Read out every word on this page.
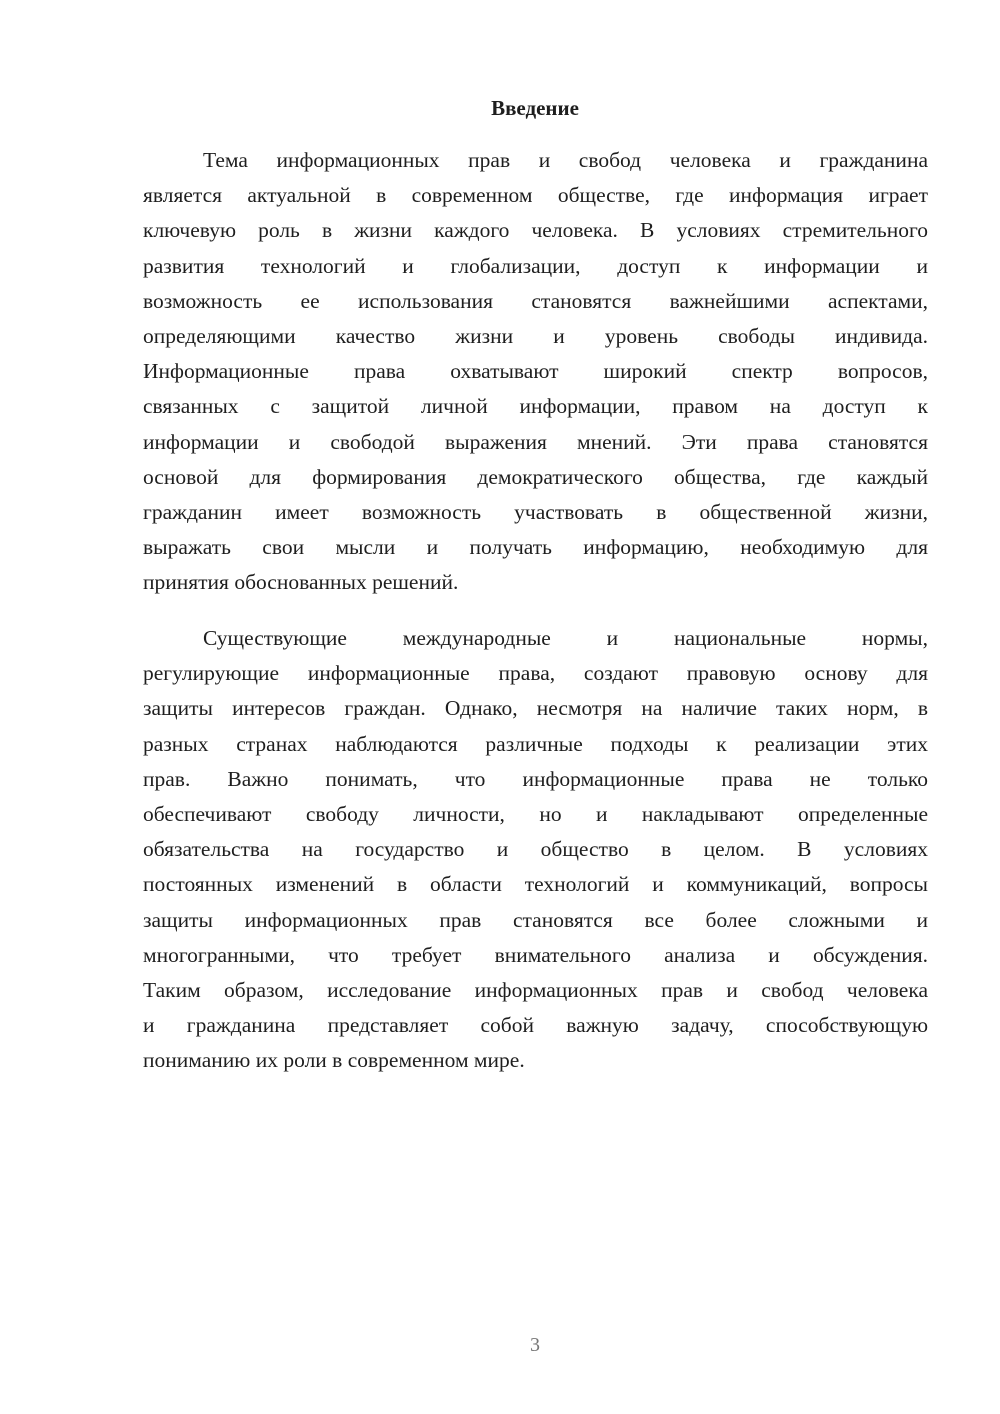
Введение
Тема информационных прав и свобод человека и гражданина
является актуальной в современном обществе, где информация играет
ключевую роль в жизни каждого человека. В условиях стремительного
развития технологий и глобализации, доступ к информации и
возможность ее использования становятся важнейшими аспектами,
определяющими качество жизни и уровень свободы индивида.
Информационные права охватывают широкий спектр вопросов,
связанных с защитой личной информации, правом на доступ к
информации и свободой выражения мнений. Эти права становятся
основой для формирования демократического общества, где каждый
гражданин имеет возможность участвовать в общественной жизни,
выражать свои мысли и получать информацию, необходимую для
принятия обоснованных решений.
Существующие международные и национальные нормы,
регулирующие информационные права, создают правовую основу для
защиты интересов граждан. Однако, несмотря на наличие таких норм, в
разных странах наблюдаются различные подходы к реализации этих
прав. Важно понимать, что информационные права не только
обеспечивают свободу личности, но и накладывают определенные
обязательства на государство и общество в целом. В условиях
постоянных изменений в области технологий и коммуникаций, вопросы
защиты информационных прав становятся все более сложными и
многогранными, что требует внимательного анализа и обсуждения.
Таким образом, исследование информационных прав и свобод человека
и гражданина представляет собой важную задачу, способствующую
пониманию их роли в современном мире.
3
